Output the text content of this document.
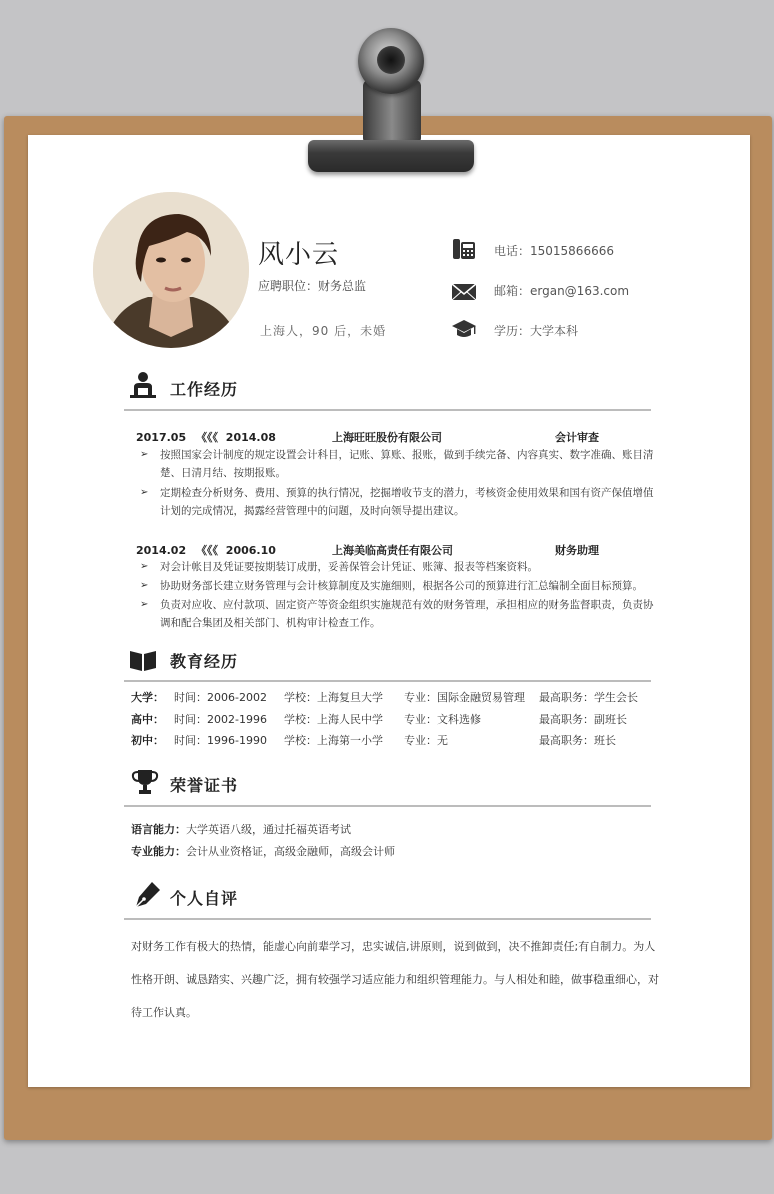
风小云
应聘职位：财务总监
上海人，90 后，未婚
电话：15015866666
邮箱：ergan@163.com
学历：大学本科
工作经历
2017.05 《《《 2014.08	上海旺旺股份有限公司	会计审查
➢ 按照国家会计制度的规定设置会计科目，记账、算账、报账，做到手续完备、内容真实、数字准确、账目清楚、日清月结、按期报账。
➢ 定期检查分析财务、费用、预算的执行情况，挖掘增收节支的潜力，考核资金使用效果和国有资产保值增值计划的完成情况，揭露经营管理中的问题，及时向领导提出建议。
2014.02 《《《 2006.10	上海美临高责任有限公司	财务助理
➢ 对会计帐目及凭证要按期装订成册，妥善保管会计凭证、账簿、报表等档案资料。
➢ 协助财务部长建立财务管理与会计核算制度及实施细则，根据各公司的预算进行汇总编制全面目标预算。
➢ 负责对应收、应付款项、固定资产等资金组织实施规范有效的财务管理，承担相应的财务监督职责，负责协调和配合集团及相关部门、机构审计检查工作。
教育经历
大学： 时间：2006-2002 学校：上海复旦大学 专业：国际金融贸易管理 最高职务：学生会长
高中： 时间：2002-1996 学校：上海人民中学 专业：文科选修	最高职务：副班长
初中： 时间：1996-1990 学校：上海第一小学 专业：无	最高职务：班长
荣誉证书
语言能力：大学英语八级，通过托福英语考试
专业能力：会计从业资格证，高级金融师，高级会计师
个人自评
对财务工作有极大的热情，能虚心向前辈学习，忠实诚信,讲原则，说到做到，决不推卸责任;有自制力。为人性格开朗、诚恳踏实、兴趣广泛，拥有较强学习适应能力和组织管理能力。与人相处和睦，做事稳重细心，对待工作认真。
